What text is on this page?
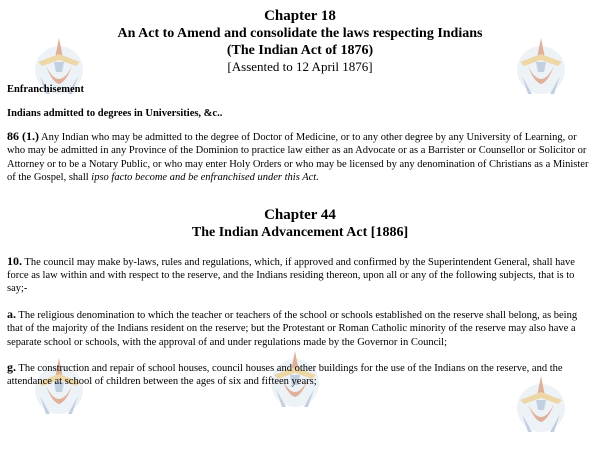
Chapter 18
An Act to Amend and consolidate the laws respecting Indians
(The Indian Act of 1876)
[Assented to 12 April 1876]
Enfranchisement
Indians admitted to degrees in Universities, &c..

86 (1.) Any Indian who may be admitted to the degree of Doctor of Medicine, or to any other degree by any University of Learning, or who may be admitted in any Province of the Dominion to practice law either as an Advocate or as a Barrister or Counsellor or Solicitor or Attorney or to be a Notary Public, or who may enter Holy Orders or who may be licensed by any denomination of Christians as a Minister of the Gospel, shall ipso facto become and be enfranchised under this Act.

Chapter 44
The Indian Advancement Act [1886]

10. The council may make by-laws, rules and regulations, which, if approved and confirmed by the Superintendent General, shall have force as law within and with respect to the reserve, and the Indians residing thereon, upon all or any of the following subjects, that is to say;-

a. The religious denomination to which the teacher or teachers of the school or schools established on the reserve shall belong, as being that of the majority of the Indians resident on the reserve; but the Protestant or Roman Catholic minority of the reserve may also have a separate school or schools, with the approval of and under regulations made by the Governor in Council;

g. The construction and repair of school houses, council houses and other buildings for the use of the Indians on the reserve, and the attendance at school of children between the ages of six and fifteen years;
